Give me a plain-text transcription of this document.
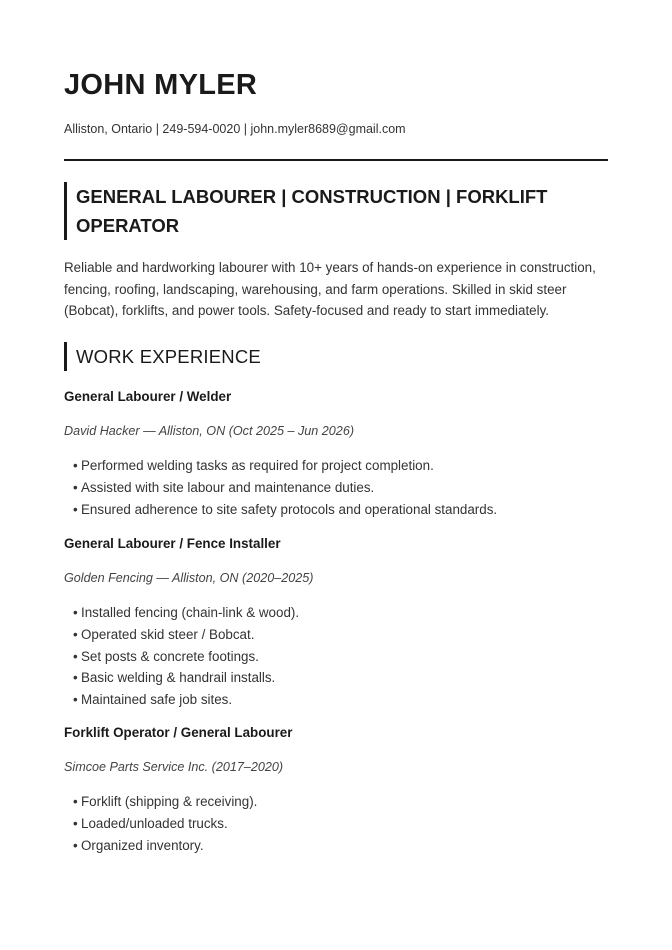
JOHN MYLER
Alliston, Ontario | 249-594-0020 | john.myler8689@gmail.com
GENERAL LABOURER | CONSTRUCTION | FORKLIFT OPERATOR

Reliable and hardworking labourer with 10+ years of hands-on experience in construction, fencing, roofing, landscaping, warehousing, and farm operations. Skilled in skid steer (Bobcat), forklifts, and power tools. Safety-focused and ready to start immediately.

WORK EXPERIENCE

General Labourer / Welder

David Hacker — Alliston, ON (Oct 2025 – Jun 2026)

• Performed welding tasks as required for project completion.
• Assisted with site labour and maintenance duties.
• Ensured adherence to site safety protocols and operational standards.

General Labourer / Fence Installer

Golden Fencing — Alliston, ON (2020–2025)

• Installed fencing (chain-link & wood).
• Operated skid steer / Bobcat.
• Set posts & concrete footings.
• Basic welding & handrail installs.
• Maintained safe job sites.

Forklift Operator / General Labourer

Simcoe Parts Service Inc. (2017–2020)

• Forklift (shipping & receiving).
• Loaded/unloaded trucks.
• Organized inventory.
